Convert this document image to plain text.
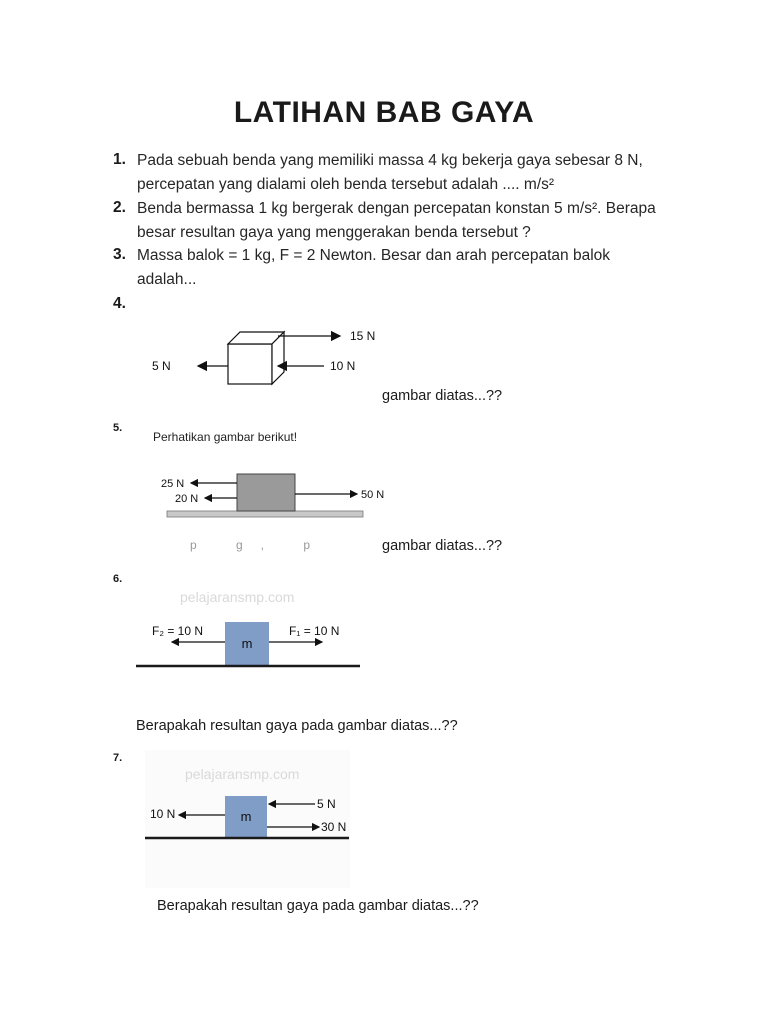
LATIHAN BAB GAYA
1. Pada sebuah benda yang memiliki massa 4 kg bekerja gaya sebesar 8 N,
percepatan yang dialami oleh benda tersebut adalah .... m/s²
2. Benda bermassa 1 kg bergerak dengan percepatan konstan 5 m/s². Berapa
besar resultan gaya yang menggerakan benda tersebut ?
3. Massa balok = 1 kg, F = 2 Newton. Besar dan arah percepatan balok
adalah...
4.
5 N
15 N
10 N
ɡambar diatas...??
5.
Perhatikan gambar berikut!
25 N
20 N	50 N
p ɡ, p	ɡambar diatas...??
6.
pelajaransmp.com
m
F₂ = 10 N	F₁ = 10 N
Berapakah resultan gaya pada gambar diatas...??
7.
pelajaransmp.com
m
10 N
5 N
30 N
Berapakah resultan gaya pada gambar diatas...??
